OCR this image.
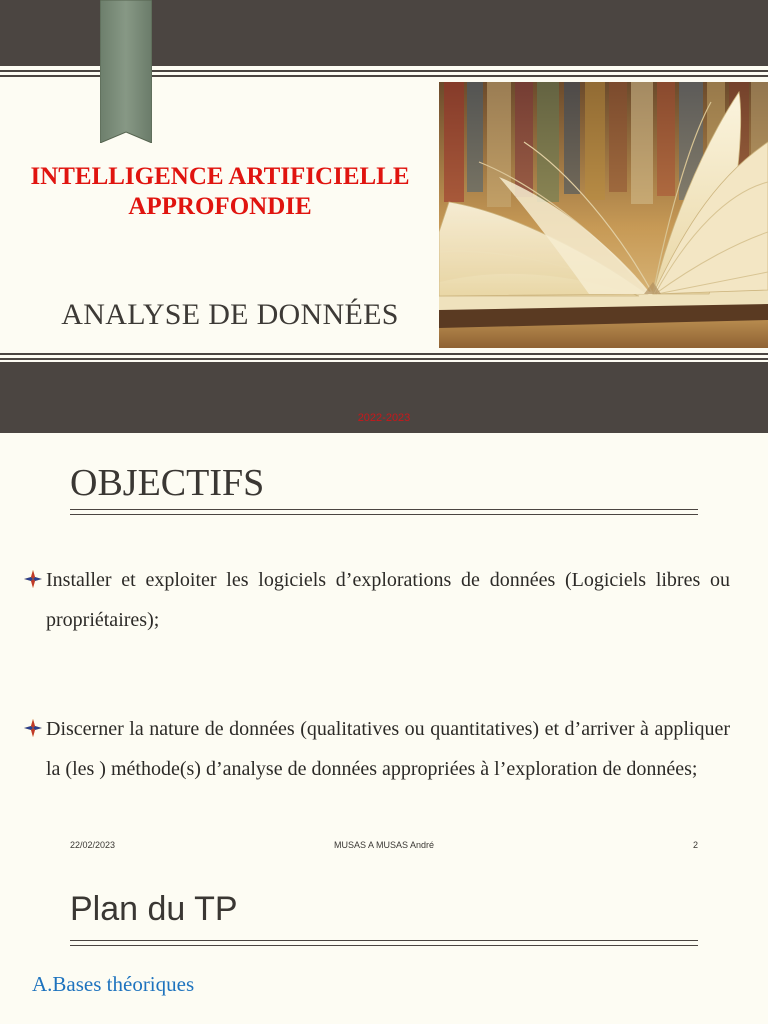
INTELLIGENCE ARTIFICIELLE
APPROFONDIE
ANALYSE DE DONNÉES
2022-2023
OBJECTIFS
Installer et exploiter les logiciels d’explorations de données (Logiciels libres ou propriétaires);
Discerner la nature de données (qualitatives ou quantitatives) et d’arriver à appliquer la (les ) méthode(s) d’analyse de données appropriées à l’exploration de données;
22/02/2023	MUSAS A MUSAS André	2
Plan du TP
A.Bases théoriques
